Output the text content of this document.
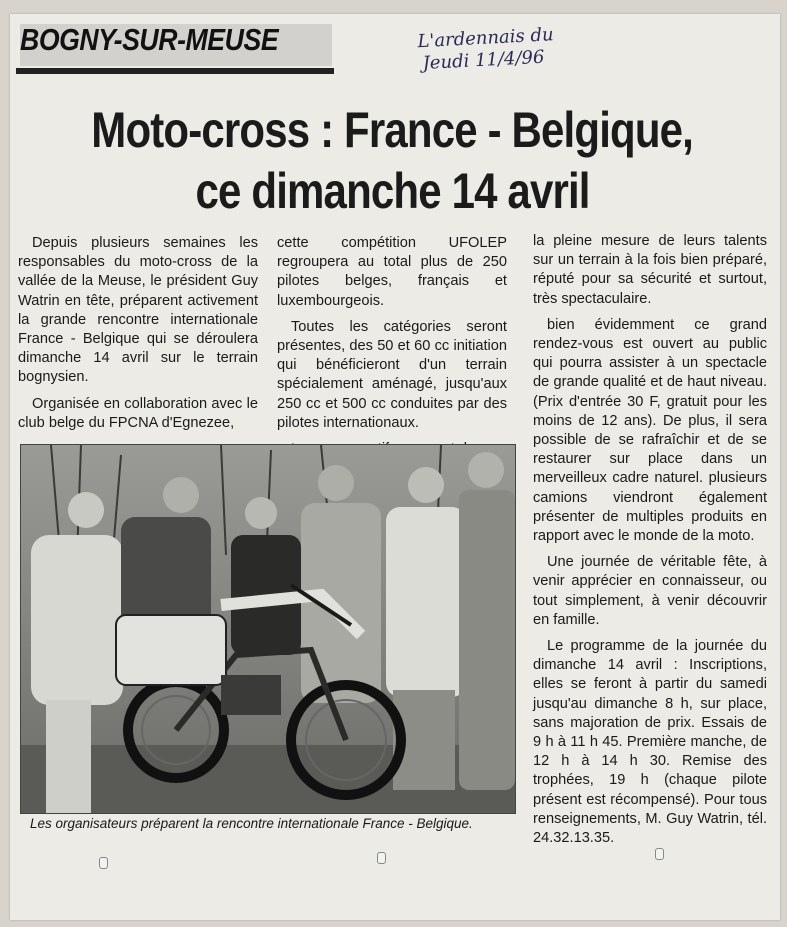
BOGNY-SUR-MEUSE	L'ardennais du
Jeudi 11/4/96
Moto-cross : France - Belgique,
ce dimanche 14 avril

Depuis plusieurs semaines les responsables du moto-cross de la vallée de la Meuse, le président Guy Watrin en tête, préparent activement la grande rencontre internationale France - Belgique qui se déroulera dimanche 14 avril sur le terrain bognysien.

Organisée en collaboration avec le club belge du FPCNA d'Egnezee,

cette compétition UFOLEP regroupera au total plus de 250 pilotes belges, français et luxembourgeois.

Toutes les catégories seront présentes, des 50 et 60 cc initiation qui bénéficieront d'un terrain spécialement aménagé, jusqu'aux 250 cc et 500 cc conduites par des pilotes internationaux.

la pleine mesure de leurs talents sur un terrain à la fois bien préparé, réputé pour sa sécurité et surtout, très spectaculaire.

bien évidemment ce grand rendez-vous est ouvert au public qui pourra assister à un spectacle de grande qualité et de haut niveau. (Prix d'entrée 30 F, gratuit pour les moins de 12 ans). De plus, il sera possible de se rafraîchir et de se restaurer sur place dans un merveilleux cadre naturel. plusieurs camions viendront également présenter de multiples produits en rapport avec le monde de la moto.

Une journée de véritable fête, à venir apprécier en connaisseur, ou tout simplement, à venir découvrir en famille.

Le programme de la journée du dimanche 14 avril : Inscriptions, elles se feront à partir du samedi jusqu'au dimanche 8 h, sur place, sans majoration de prix. Essais de 9 h à 11 h 45. Première manche, de 12 h à 14 h 30. Remise des trophées, 19 h (chaque pilote présent est récompensé). Pour tous renseignements, M. Guy Watrin, tél. 24.32.13.35.

Les organisateurs préparent la rencontre internationale France - Belgique.
